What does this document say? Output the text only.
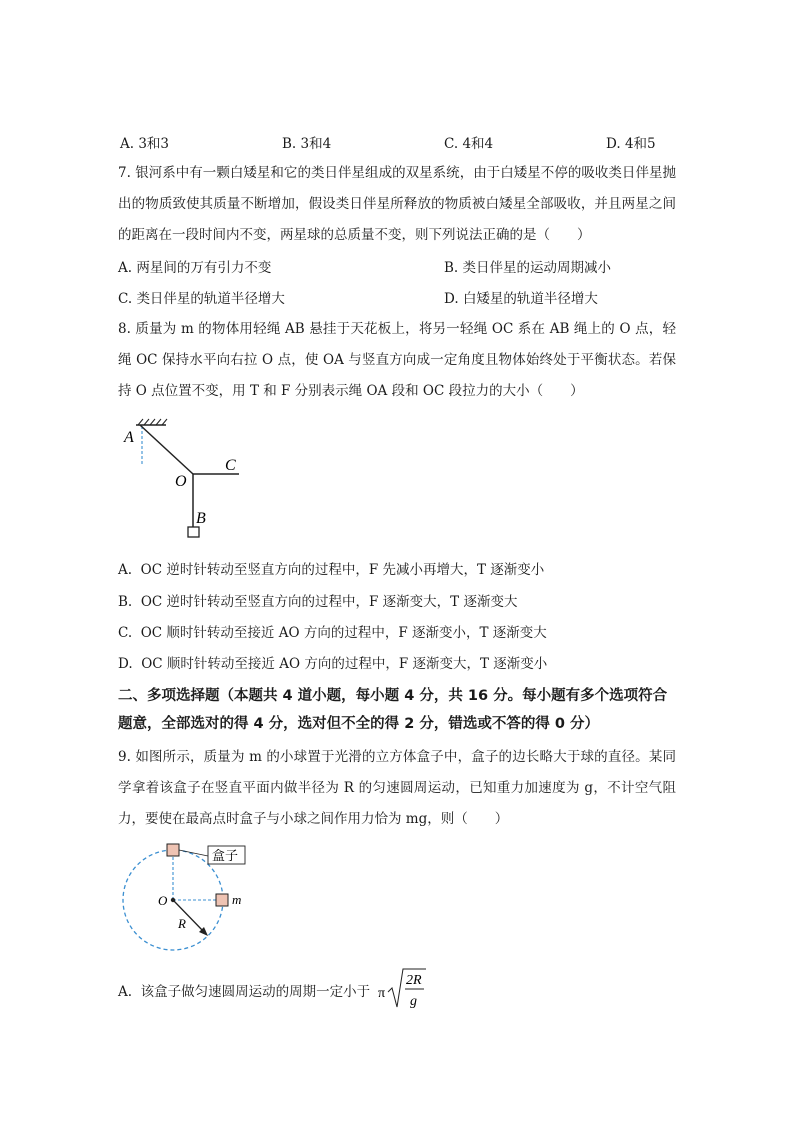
A. 3和3	B. 3和4	C. 4和4	D. 4和5
7. 银河系中有一颗白矮星和它的类日伴星组成的双星系统，由于白矮星不停的吸收类日伴星抛出的物质致使其质量不断增加，假设类日伴星所释放的物质被白矮星全部吸收，并且两星之间的距离在一段时间内不变，两星球的总质量不变，则下列说法正确的是（　　）
A. 两星间的万有引力不变	B. 类日伴星的运动周期减小
C. 类日伴星的轨道半径增大	D. 白矮星的轨道半径增大
8. 质量为 m 的物体用轻绳 AB 悬挂于天花板上，将另一轻绳 OC 系在 AB 绳上的 O 点，轻绳 OC 保持水平向右拉 O 点，使 OA 与竖直方向成一定角度且物体始终处于平衡状态。若保持 O 点位置不变，用 T 和 F 分别表示绳 OA 段和 OC 段拉力的大小（　　）
A
O
C
B
A. OC 逆时针转动至竖直方向的过程中，F 先减小再增大，T 逐渐变小
B. OC 逆时针转动至竖直方向的过程中，F 逐渐变大，T 逐渐变大
C. OC 顺时针转动至接近 AO 方向的过程中，F 逐渐变小，T 逐渐变大
D. OC 顺时针转动至接近 AO 方向的过程中，F 逐渐变大，T 逐渐变小
二、多项选择题（本题共 4 道小题，每小题 4 分，共 16 分。每小题有多个选项符合题意，全部选对的得 4 分，选对但不全的得 2 分，错选或不答的得 0 分）
9. 如图所示，质量为 m 的小球置于光滑的立方体盒子中，盒子的边长略大于球的直径。某同学拿着该盒子在竖直平面内做半径为 R 的匀速圆周运动，已知重力加速度为 g，不计空气阻力，要使在最高点时盒子与小球之间作用力恰为 mg，则（　　）
盒子
O	m
R
A. 该盒子做匀速圆周运动的周期一定小于 π
2R
g
